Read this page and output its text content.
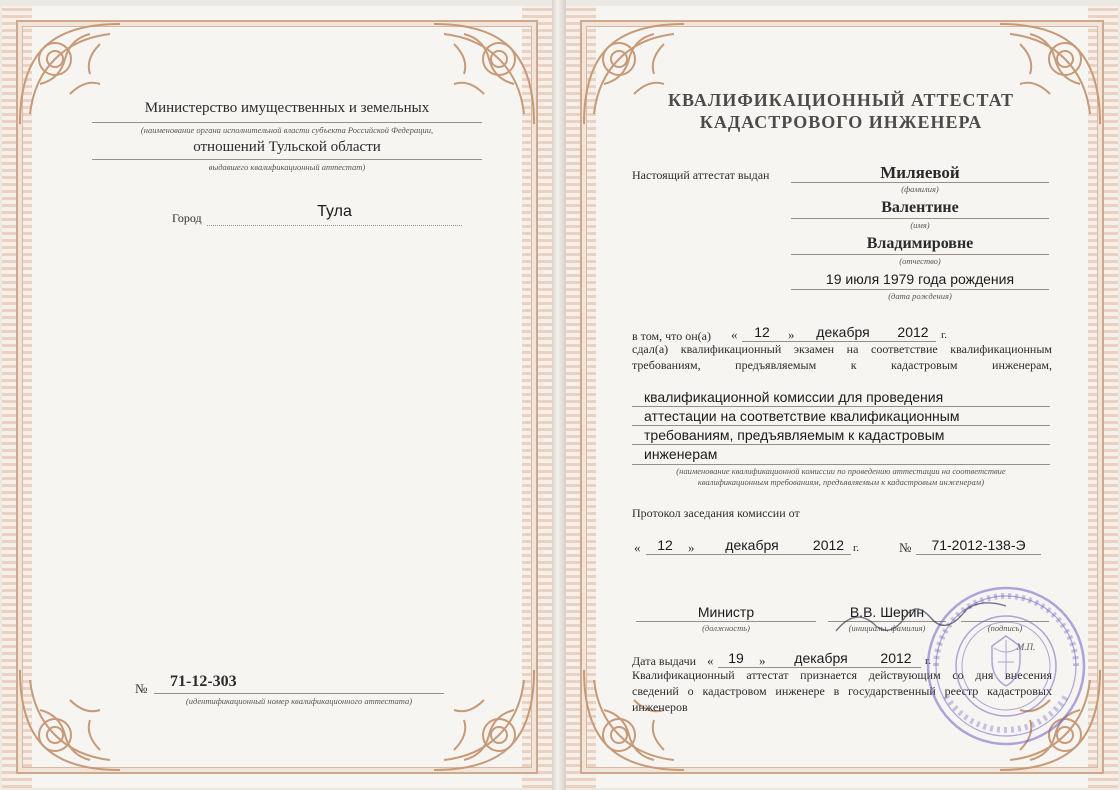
Министерство имущественных и земельных
(наименование органа исполнительной власти субъекта Российской Федерации,
отношений Тульской области
выдавшего квалификационный аттестат)
Город	Тула
№ 71-12-303
(идентификационный номер квалификационного аттестата)
КВАЛИФИКАЦИОННЫЙ АТТЕСТАТ
КАДАСТРОВОГО ИНЖЕНЕРА
Настоящий аттестат выдан	Миляевой
(фамилия)
Валентине
(имя)
Владимировне
(отчество)
19 июля 1979 года рождения
(дата рождения)
в том, что он(а) «	12	»	декабря	2012	г.
сдал(а) квалификационный экзамен на соответствие квалификационным
требованиям, предъявляемым к кадастровым инженерам,
квалификационной комиссии для проведения
аттестации на соответствие квалификационным
требованиям, предъявляемым к кадастровым
инженерам
(наименование квалификационной комиссии по проведению аттестации на соответствие
квалификационным требованиям, предъявляемым к кадастровым инженерам)
Протокол заседания комиссии от
«	12	»	декабря	2012 г.	№	71-2012-138-Э
Министр
(должность)
В.В. Шерин
(инициалы, фамилия)	(подпись)
М.П.
Дата выдачи «	19	»	декабря	2012	г.
Квалификационный аттестат признается действующим со дня внесения
сведений о кадастровом инженере в государственный реестр кадастровых
инженеров
